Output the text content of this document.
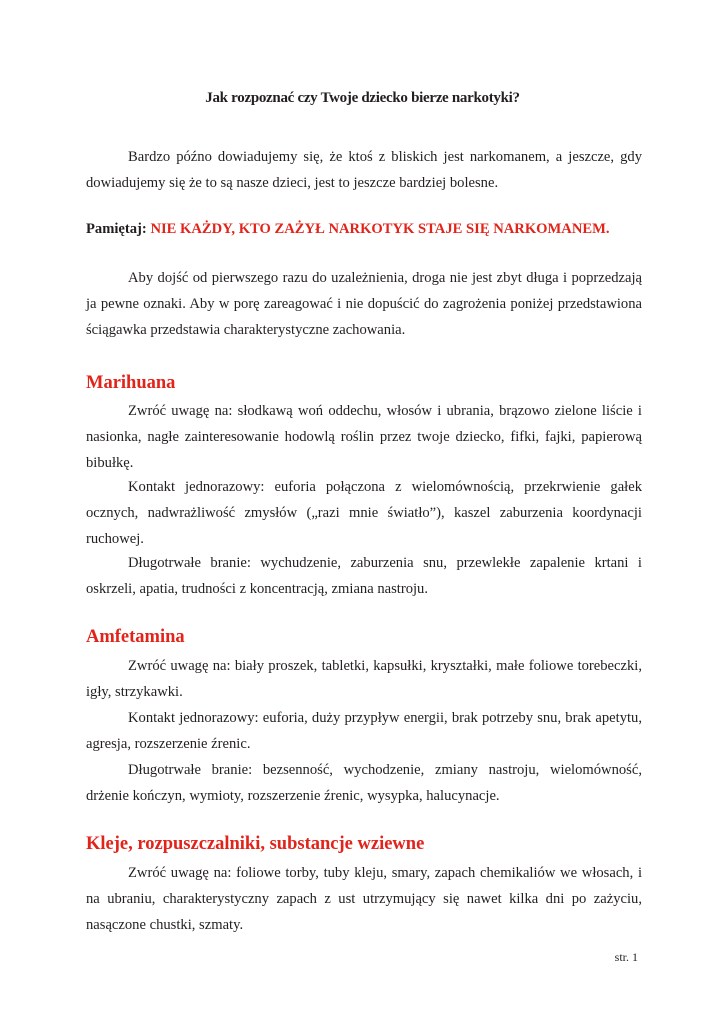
Jak rozpoznać czy Twoje dziecko bierze narkotyki?

Bardzo późno dowiadujemy się, że ktoś z bliskich jest narkomanem, a jeszcze, gdy dowiadujemy się że to są nasze dzieci, jest to jeszcze bardziej bolesne.

Pamiętaj: NIE KAŻDY, KTO ZAŻYŁ NARKOTYK STAJE SIĘ NARKOMANEM.

Aby dojść od pierwszego razu do uzależnienia, droga nie jest zbyt długa i poprzedzają ja pewne oznaki. Aby w porę zareagować i nie dopuścić do zagrożenia poniżej przedstawiona ściągawka przedstawia charakterystyczne zachowania.

Marihuana

Zwróć uwagę na: słodkawą woń oddechu, włosów i ubrania, brązowo zielone liście i nasionka, nagłe zainteresowanie hodowlą roślin przez twoje dziecko, fifki, fajki, papierową bibułkę.

Kontakt jednorazowy: euforia połączona z wielomównością, przekrwienie gałek ocznych, nadwrażliwość zmysłów („razi mnie światło”), kaszel zaburzenia koordynacji ruchowej.

Długotrwałe branie: wychudzenie, zaburzenia snu, przewlekłe zapalenie krtani i oskrzeli, apatia, trudności z koncentracją, zmiana nastroju.

Amfetamina

Zwróć uwagę na: biały proszek, tabletki, kapsułki, kryształki, małe foliowe torebeczki, igły, strzykawki.

Kontakt jednorazowy: euforia, duży przypływ energii, brak potrzeby snu, brak apetytu, agresja, rozszerzenie źrenic.

Długotrwałe branie: bezsenność, wychodzenie, zmiany nastroju, wielomówność, drżenie kończyn, wymioty, rozszerzenie źrenic, wysypka, halucynacje.

Kleje, rozpuszczalniki, substancje wziewne

Zwróć uwagę na: foliowe torby, tuby kleju, smary, zapach chemikaliów we włosach, i na ubraniu, charakterystyczny zapach z ust utrzymujący się nawet kilka dni po zażyciu, nasączone chustki, szmaty.

str. 1
